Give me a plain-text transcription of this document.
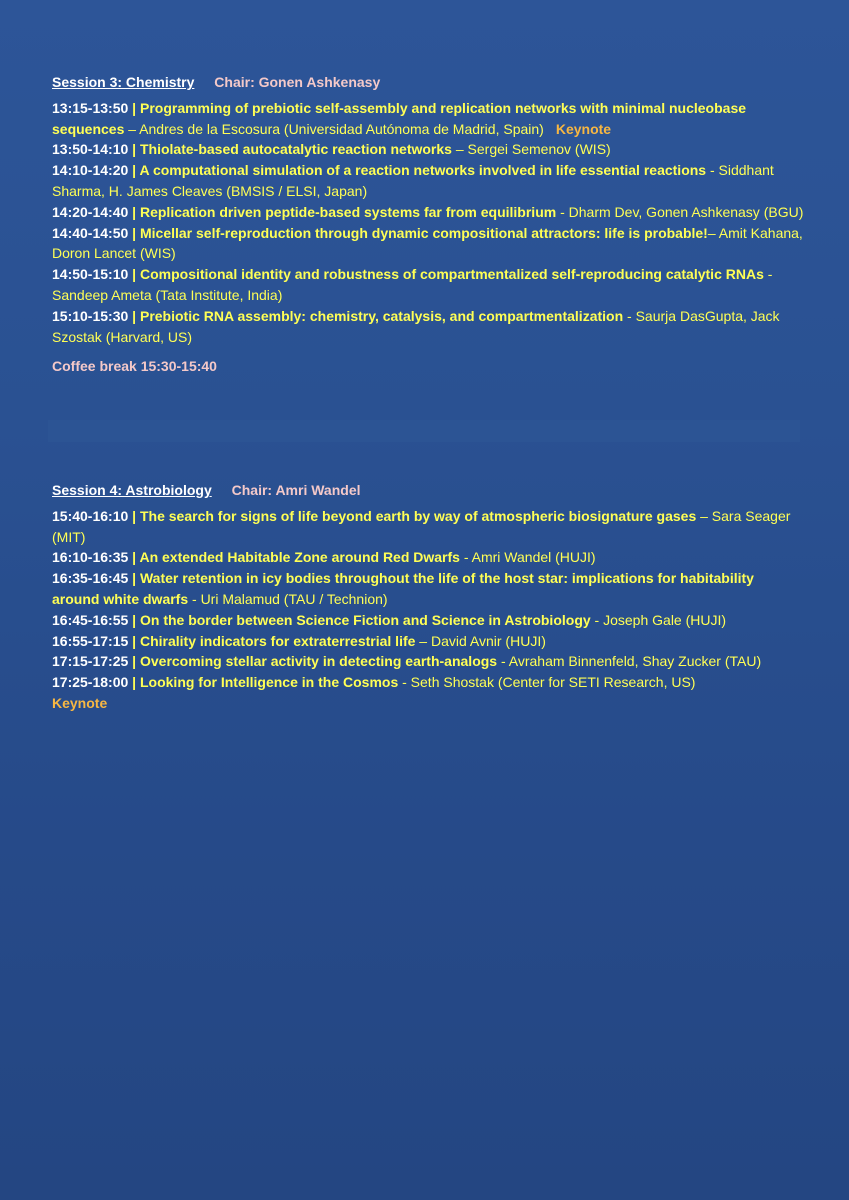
Session 3: Chemistry Chair: Gonen Ashkenasy
13:15-13:50 | Programming of prebiotic self-assembly and replication networks with minimal nucleobase sequences – Andres de la Escosura (Universidad Autónoma de Madrid, Spain) Keynote
13:50-14:10 | Thiolate-based autocatalytic reaction networks – Sergei Semenov (WIS)
14:10-14:20 | A computational simulation of a reaction networks involved in life essential reactions - Siddhant Sharma, H. James Cleaves (BMSIS / ELSI, Japan)
14:20-14:40 | Replication driven peptide-based systems far from equilibrium - Dharm Dev, Gonen Ashkenasy (BGU)
14:40-14:50 | Micellar self-reproduction through dynamic compositional attractors: life is probable!– Amit Kahana, Doron Lancet (WIS)
14:50-15:10 | Compositional identity and robustness of compartmentalized self-reproducing catalytic RNAs - Sandeep Ameta (Tata Institute, India)
15:10-15:30 | Prebiotic RNA assembly: chemistry, catalysis, and compartmentalization - Saurja DasGupta, Jack Szostak (Harvard, US)
Coffee break 15:30-15:40
Session 4: Astrobiology Chair: Amri Wandel
15:40-16:10 | The search for signs of life beyond earth by way of atmospheric biosignature gases – Sara Seager (MIT)
16:10-16:35 | An extended Habitable Zone around Red Dwarfs - Amri Wandel (HUJI)
16:35-16:45 | Water retention in icy bodies throughout the life of the host star: implications for habitability around white dwarfs - Uri Malamud (TAU / Technion)
16:45-16:55 | On the border between Science Fiction and Science in Astrobiology - Joseph Gale (HUJI)
16:55-17:15 | Chirality indicators for extraterrestrial life – David Avnir (HUJI)
17:15-17:25 | Overcoming stellar activity in detecting earth-analogs - Avraham Binnenfeld, Shay Zucker (TAU)
17:25-18:00 | Looking for Intelligence in the Cosmos - Seth Shostak (Center for SETI Research, US)
Keynote
